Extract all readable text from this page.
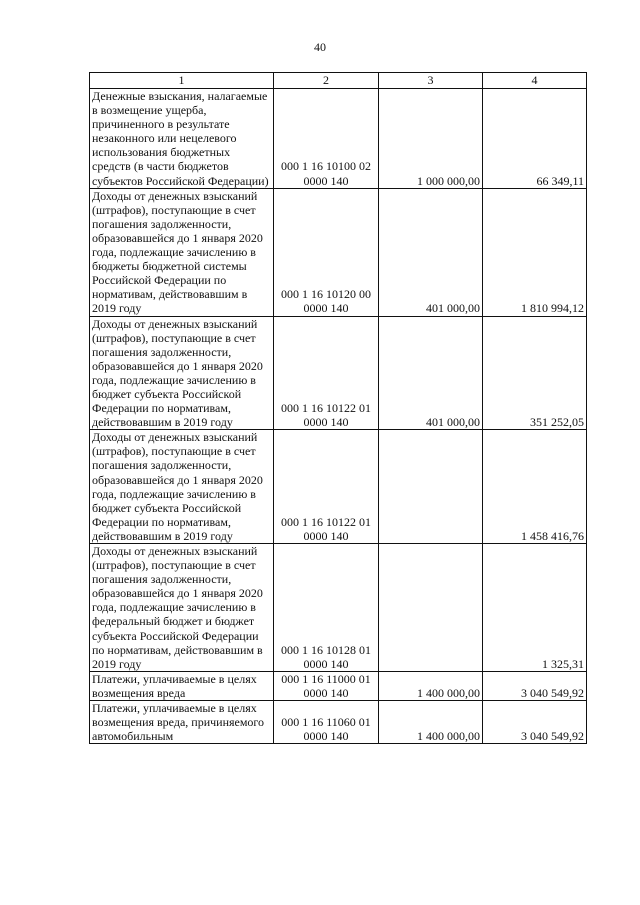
40
1	2	3	4
Денежные взыскания, налагаемые в возмещение ущерба, причиненного в результате незаконного или нецелевого использования бюджетных средств (в части бюджетов субъектов Российской Федерации)	000 1 16 10100 02 0000 140	1 000 000,00	66 349,11
Доходы от денежных взысканий (штрафов), поступающие в счет погашения задолженности, образовавшейся до 1 января 2020 года, подлежащие зачислению в бюджеты бюджетной системы Российской Федерации по нормативам, действовавшим в 2019 году	000 1 16 10120 00 0000 140	401 000,00	1 810 994,12
Доходы от денежных взысканий (штрафов), поступающие в счет погашения задолженности, образовавшейся до 1 января 2020 года, подлежащие зачислению в бюджет субъекта Российской Федерации по нормативам, действовавшим в 2019 году	000 1 16 10122 01 0000 140	401 000,00	351 252,05
Доходы от денежных взысканий (штрафов), поступающие в счет погашения задолженности, образовавшейся до 1 января 2020 года, подлежащие зачислению в бюджет субъекта Российской Федерации по нормативам, действовавшим в 2019 году	000 1 16 10122 01 0000 140		1 458 416,76
Доходы от денежных взысканий (штрафов), поступающие в счет погашения задолженности, образовавшейся до 1 января 2020 года, подлежащие зачислению в федеральный бюджет и бюджет субъекта Российской Федерации по нормативам, действовавшим в 2019 году	000 1 16 10128 01 0000 140		1 325,31
Платежи, уплачиваемые в целях возмещения вреда	000 1 16 11000 01 0000 140	1 400 000,00	3 040 549,92
Платежи, уплачиваемые в целях возмещения вреда, причиняемого автомобильным	000 1 16 11060 01 0000 140	1 400 000,00	3 040 549,92
